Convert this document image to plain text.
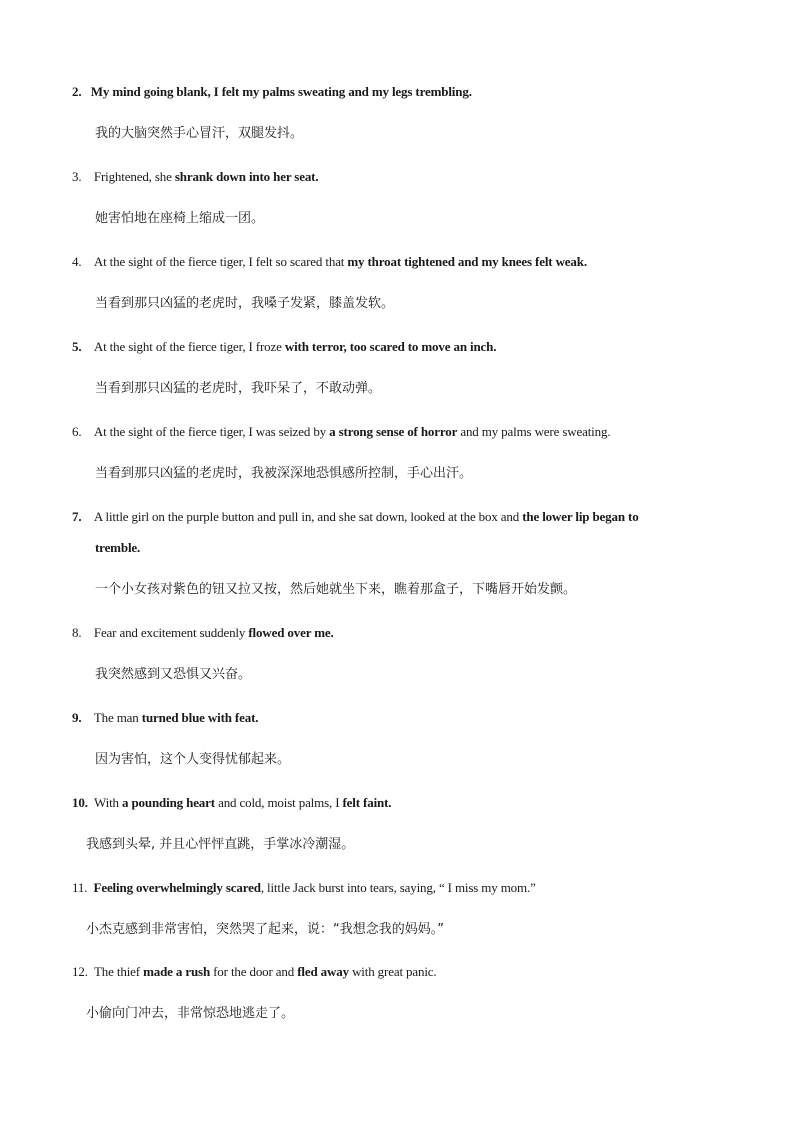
2. My mind going blank, I felt my palms sweating and my legs trembling.
我的大脑突然手心冒汗，双腿发抖。
3. Frightened, she shrank down into her seat.
她害怕地在座椅上缩成一团。
4. At the sight of the fierce tiger, I felt so scared that my throat tightened and my knees felt weak.
当看到那只凶猛的老虎时，我嗓子发紧，膝盖发软。
5. At the sight of the fierce tiger, I froze with terror, too scared to move an inch.
当看到那只凶猛的老虎时，我吓呆了，不敢动弹。
6. At the sight of the fierce tiger, I was seized by a strong sense of horror and my palms were sweating.
当看到那只凶猛的老虎时，我被深深地恐惧感所控制，手心出汗。
7. A little girl on the purple button and pull in, and she sat down, looked at the box and the lower lip began to
tremble.
一个小女孩对紫色的钮又拉又按，然后她就坐下来，瞧着那盒子，下嘴唇开始发颤。
8. Fear and excitement suddenly flowed over me.
我突然感到又恐惧又兴奋。
9. The man turned blue with feat.
因为害怕，这个人变得忧郁起来。
10. With a pounding heart and cold, moist palms, I felt faint.
我感到头晕, 并且心怦怦直跳，手掌冰冷潮湿。
11. Feeling overwhelmingly scared, little Jack burst into tears, saying, “ I miss my mom.”
小杰克感到非常害怕，突然哭了起来，说：“我想念我的妈妈。”
12. The thief made a rush for the door and fled away with great panic.
小偷向门冲去，非常惊恐地逃走了。
